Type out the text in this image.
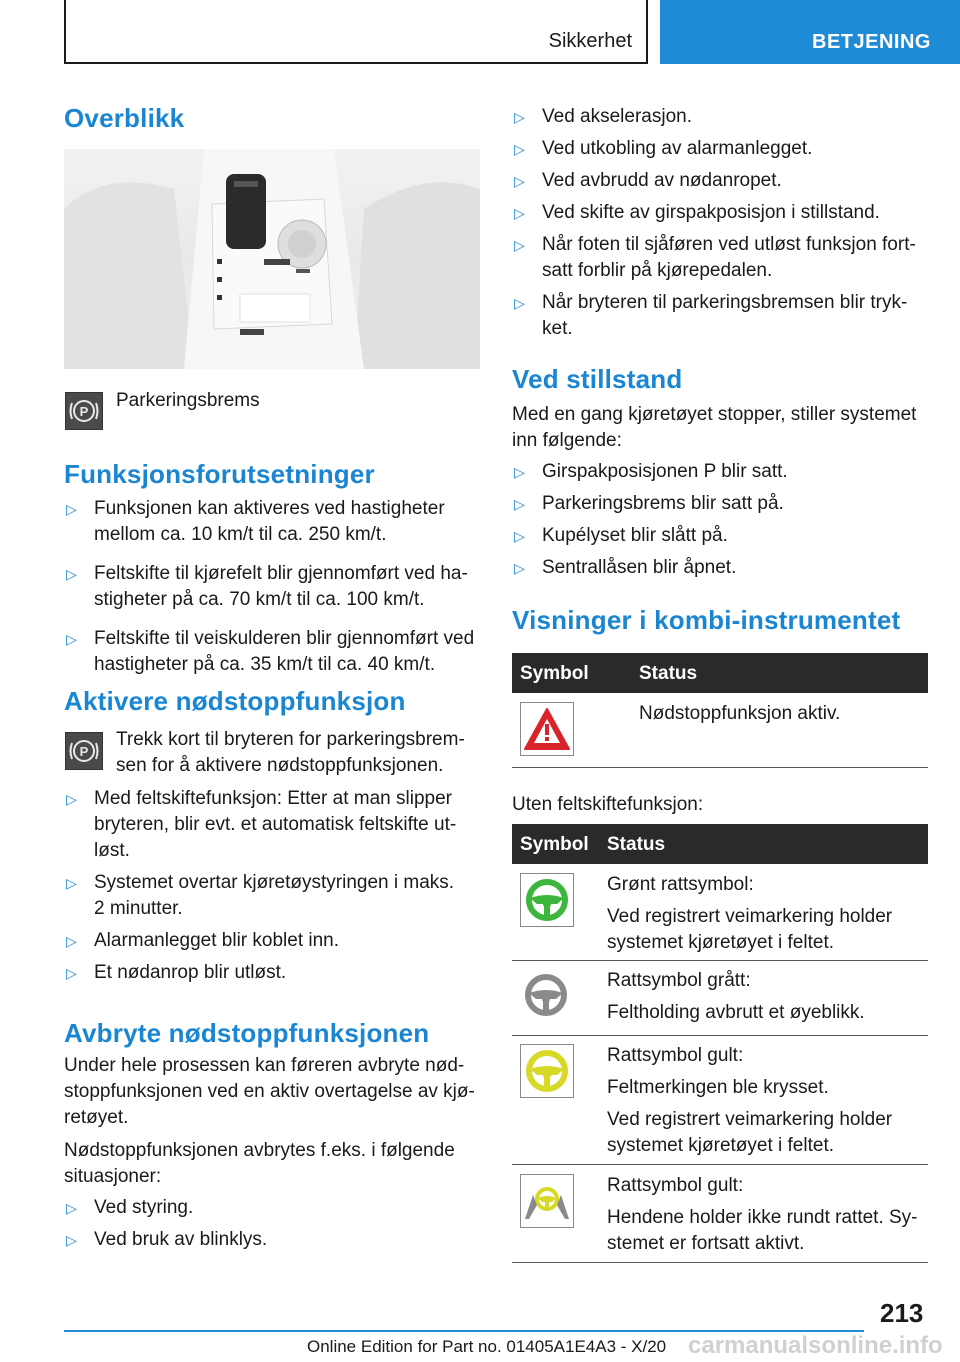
Sikkerhet	BETJENING
Overblikk
P
Parkeringsbrems
Funksjonsforutsetninger
▷ Funksjonen kan aktiveres ved hastigheter
mellom ca. 10 km/t til ca. 250 km/t.
▷ Feltskifte til kjørefelt blir gjennomført ved ha-
stigheter på ca. 70 km/t til ca. 100 km/t.
▷ Feltskifte til veiskulderen blir gjennomført ved
hastigheter på ca. 35 km/t til ca. 40 km/t.
Aktivere nødstoppfunksjon
P
Trekk kort til bryteren for parkeringsbrem-
sen for å aktivere nødstoppfunksjonen.
▷ Med feltskiftefunksjon: Etter at man slipper
bryteren, blir evt. et automatisk feltskifte ut-
løst.
▷ Systemet overtar kjøretøystyringen i maks.
2 minutter.
▷ Alarmanlegget blir koblet inn.
▷ Et nødanrop blir utløst.
Avbryte nødstoppfunksjonen
Under hele prosessen kan føreren avbryte nød-
stoppfunksjonen ved en aktiv overtagelse av kjø-
retøyet.
Nødstoppfunksjonen avbrytes f.eks. i følgende
situasjoner:
▷ Ved styring.
▷ Ved bruk av blinklys.
▷ Ved akselerasjon.
▷ Ved utkobling av alarmanlegget.
▷ Ved avbrudd av nødanropet.
▷ Ved skifte av girspakposisjon i stillstand.
▷ Når foten til sjåføren ved utløst funksjon fort-
satt forblir på kjørepedalen.
▷ Når bryteren til parkeringsbremsen blir tryk-
ket.
Ved stillstand
Med en gang kjøretøyet stopper, stiller systemet
inn følgende:
▷ Girspakposisjonen P blir satt.
▷ Parkeringsbrems blir satt på.
▷ Kupélyset blir slått på.
▷ Sentrallåsen blir åpnet.
Visninger i kombi-instrumentet
Symbol	Status
Nødstoppfunksjon aktiv.
Uten feltskiftefunksjon:
Symbol Status
Grønt rattsymbol:
Ved registrert veimarkering holder
systemet kjøretøyet i feltet.
Rattsymbol grått:
Feltholding avbrutt et øyeblikk.
Rattsymbol gult:
Feltmerkingen ble krysset.
Ved registrert veimarkering holder
systemet kjøretøyet i feltet.
Rattsymbol gult:
Hendene holder ikke rundt rattet. Sy-
stemet er fortsatt aktivt.
213
Online Edition for Part no. 01405A1E4A3 - X/20 carmanualsonline.info
